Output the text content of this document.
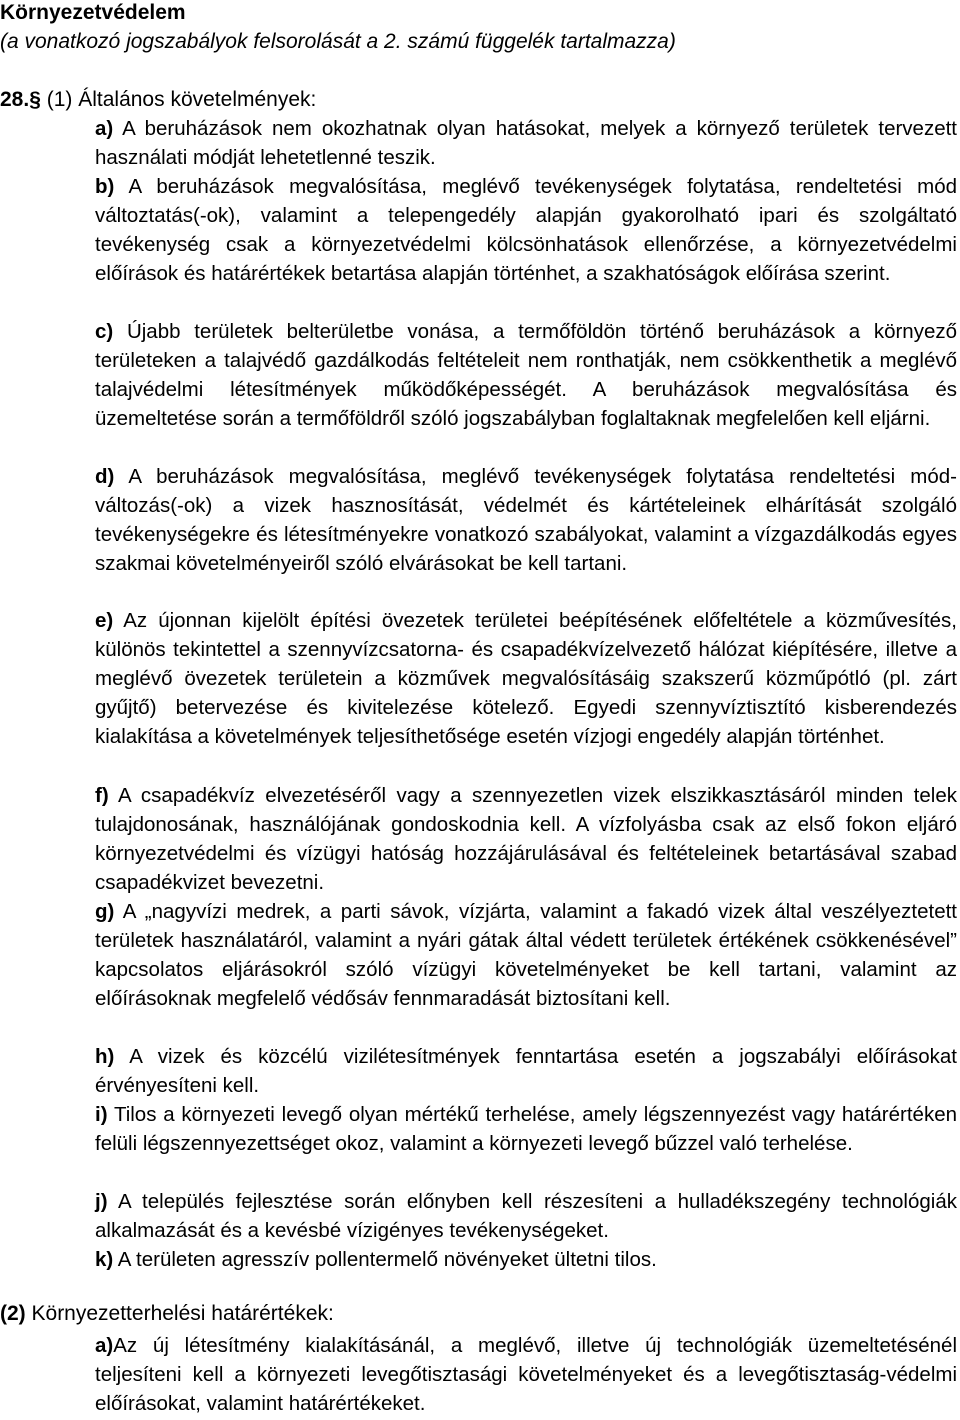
Környezetvédelem
(a vonatkozó jogszabályok felsorolását a 2. számú függelék tartalmazza)
28.§ (1) Általános követelmények:
a) A beruházások nem okozhatnak olyan hatásokat, melyek a környező területek tervezett használati módját lehetetlenné teszik.
b) A beruházások megvalósítása, meglévő tevékenységek folytatása, rendeltetési mód változtatás(-ok), valamint a telepengedély alapján gyakorolható ipari és szolgáltató tevékenység csak a környezetvédelmi kölcsönhatások ellenőrzése, a környezetvédelmi előírások és határértékek betartása alapján történhet, a szakhatóságok előírása szerint.
c) Újabb területek belterületbe vonása, a termőföldön történő beruházások a környező területeken a talajvédő gazdálkodás feltételeit nem ronthatják, nem csökkenthetik a meglévő talajvédelmi létesítmények működőképességét. A beruházások megvalósítása és üzemeltetése során a termőföldről szóló jogszabályban foglaltaknak megfelelően kell eljárni.
d) A beruházások megvalósítása, meglévő tevékenységek folytatása rendeltetési mód-változás(-ok) a vizek hasznosítását, védelmét és kártételeinek elhárítását szolgáló tevékenységekre és létesítményekre vonatkozó szabályokat, valamint a vízgazdálkodás egyes szakmai követelményeiről szóló elvárásokat be kell tartani.
e) Az újonnan kijelölt építési övezetek területei beépítésének előfeltétele a közművesítés, különös tekintettel a szennyvízcsatorna- és csapadékvízelvezető hálózat kiépítésére, illetve a meglévő övezetek területein a közművek megvalósításáig szakszerű közműpótló (pl. zárt gyűjtő) betervezése és kivitelezése kötelező. Egyedi szennyvíztisztító kisberendezés kialakítása a követelmények teljesíthetősége esetén vízjogi engedély alapján történhet.
f) A csapadékvíz elvezetéséről vagy a szennyezetlen vizek elszikkasztásáról minden telek tulajdonosának, használójának gondoskodnia kell. A vízfolyásba csak az első fokon eljáró környezetvédelmi és vízügyi hatóság hozzájárulásával és feltételeinek betartásával szabad csapadékvizet bevezetni.
g) A „nagyvízi medrek, a parti sávok, vízjárta, valamint a fakadó vizek által veszélyeztetett területek használatáról, valamint a nyári gátak által védett területek értékének csökkenésével” kapcsolatos eljárásokról szóló vízügyi követelményeket be kell tartani, valamint az előírásoknak megfelelő védősáv fennmaradását biztosítani kell.
h) A vizek és közcélú vizilétesítmények fenntartása esetén a jogszabályi előírásokat érvényesíteni kell.
i) Tilos a környezeti levegő olyan mértékű terhelése, amely légszennyezést vagy határértéken felüli légszennyezettséget okoz, valamint a környezeti levegő bűzzel való terhelése.
j) A település fejlesztése során előnyben kell részesíteni a hulladékszegény technológiák alkalmazását és a kevésbé vízigényes tevékenységeket.
k) A területen agresszív pollentermelő növényeket ültetni tilos.
(2) Környezetterhelési határértékek:
a)Az új létesítmény kialakításánál, a meglévő, illetve új technológiák üzemeltetésénél teljesíteni kell a környezeti levegőtisztasági követelményeket és a levegőtisztaság-védelmi előírásokat, valamint határértékeket.
